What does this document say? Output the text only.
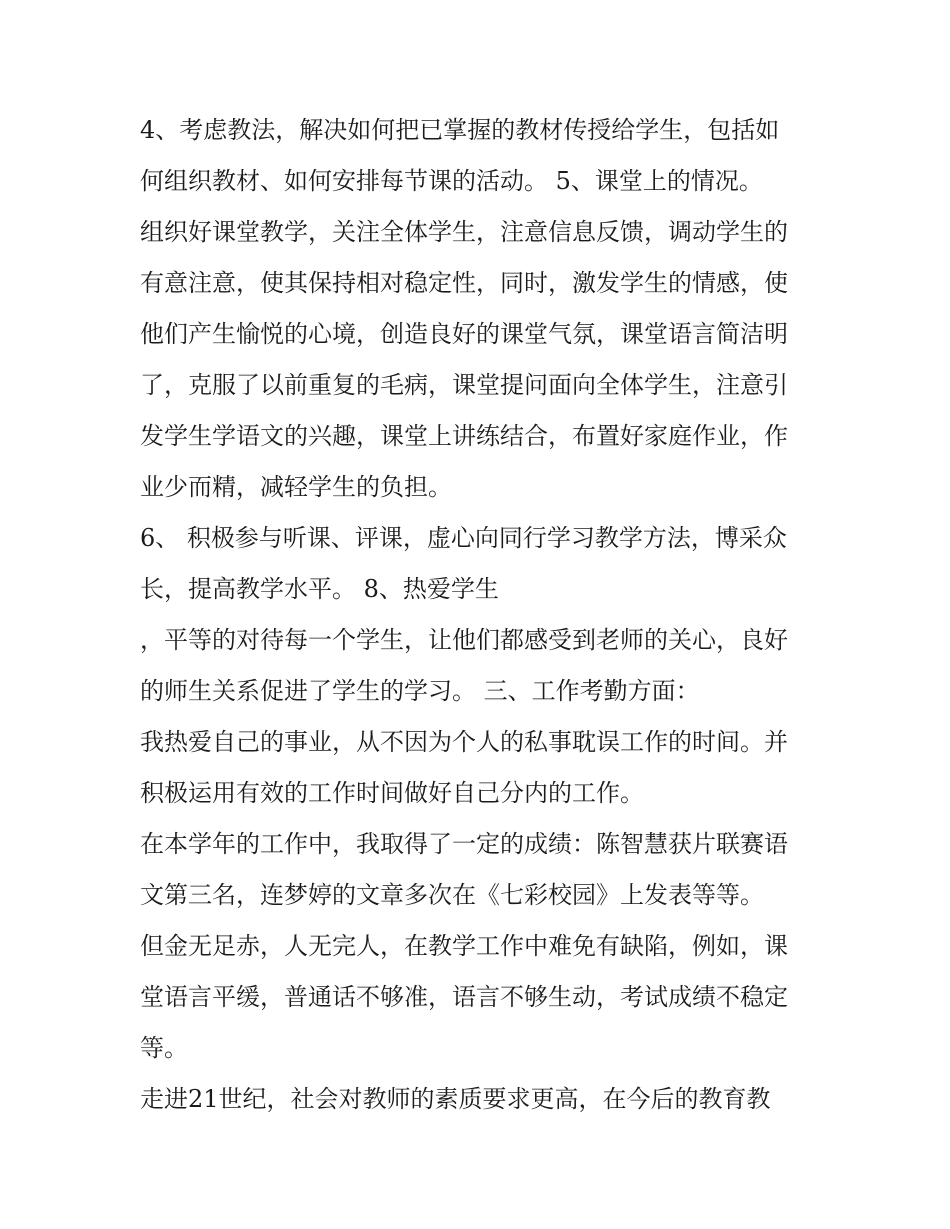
4、考虑教法，解决如何把已掌握的教材传授给学生，包括如
何组织教材、如何安排每节课的活动。 5、课堂上的情况。
组织好课堂教学，关注全体学生，注意信息反馈，调动学生的
有意注意，使其保持相对稳定性，同时，激发学生的情感，使
他们产生愉悦的心境，创造良好的课堂气氛，课堂语言简洁明
了，克服了以前重复的毛病，课堂提问面向全体学生，注意引
发学生学语文的兴趣，课堂上讲练结合，布置好家庭作业，作
业少而精，减轻学生的负担。
6、 积极参与听课、评课，虚心向同行学习教学方法，博采众
长，提高教学水平。 8、热爱学生
，平等的对待每一个学生，让他们都感受到老师的关心，良好
的师生关系促进了学生的学习。 三、工作考勤方面：
我热爱自己的事业，从不因为个人的私事耽误工作的时间。并
积极运用有效的工作时间做好自己分内的工作。
在本学年的工作中，我取得了一定的成绩：陈智慧获片联赛语
文第三名，连梦婷的文章多次在《七彩校园》上发表等等。
但金无足赤，人无完人，在教学工作中难免有缺陷，例如，课
堂语言平缓，普通话不够准，语言不够生动，考试成绩不稳定
等。
走进21世纪，社会对教师的素质要求更高，在今后的教育教
